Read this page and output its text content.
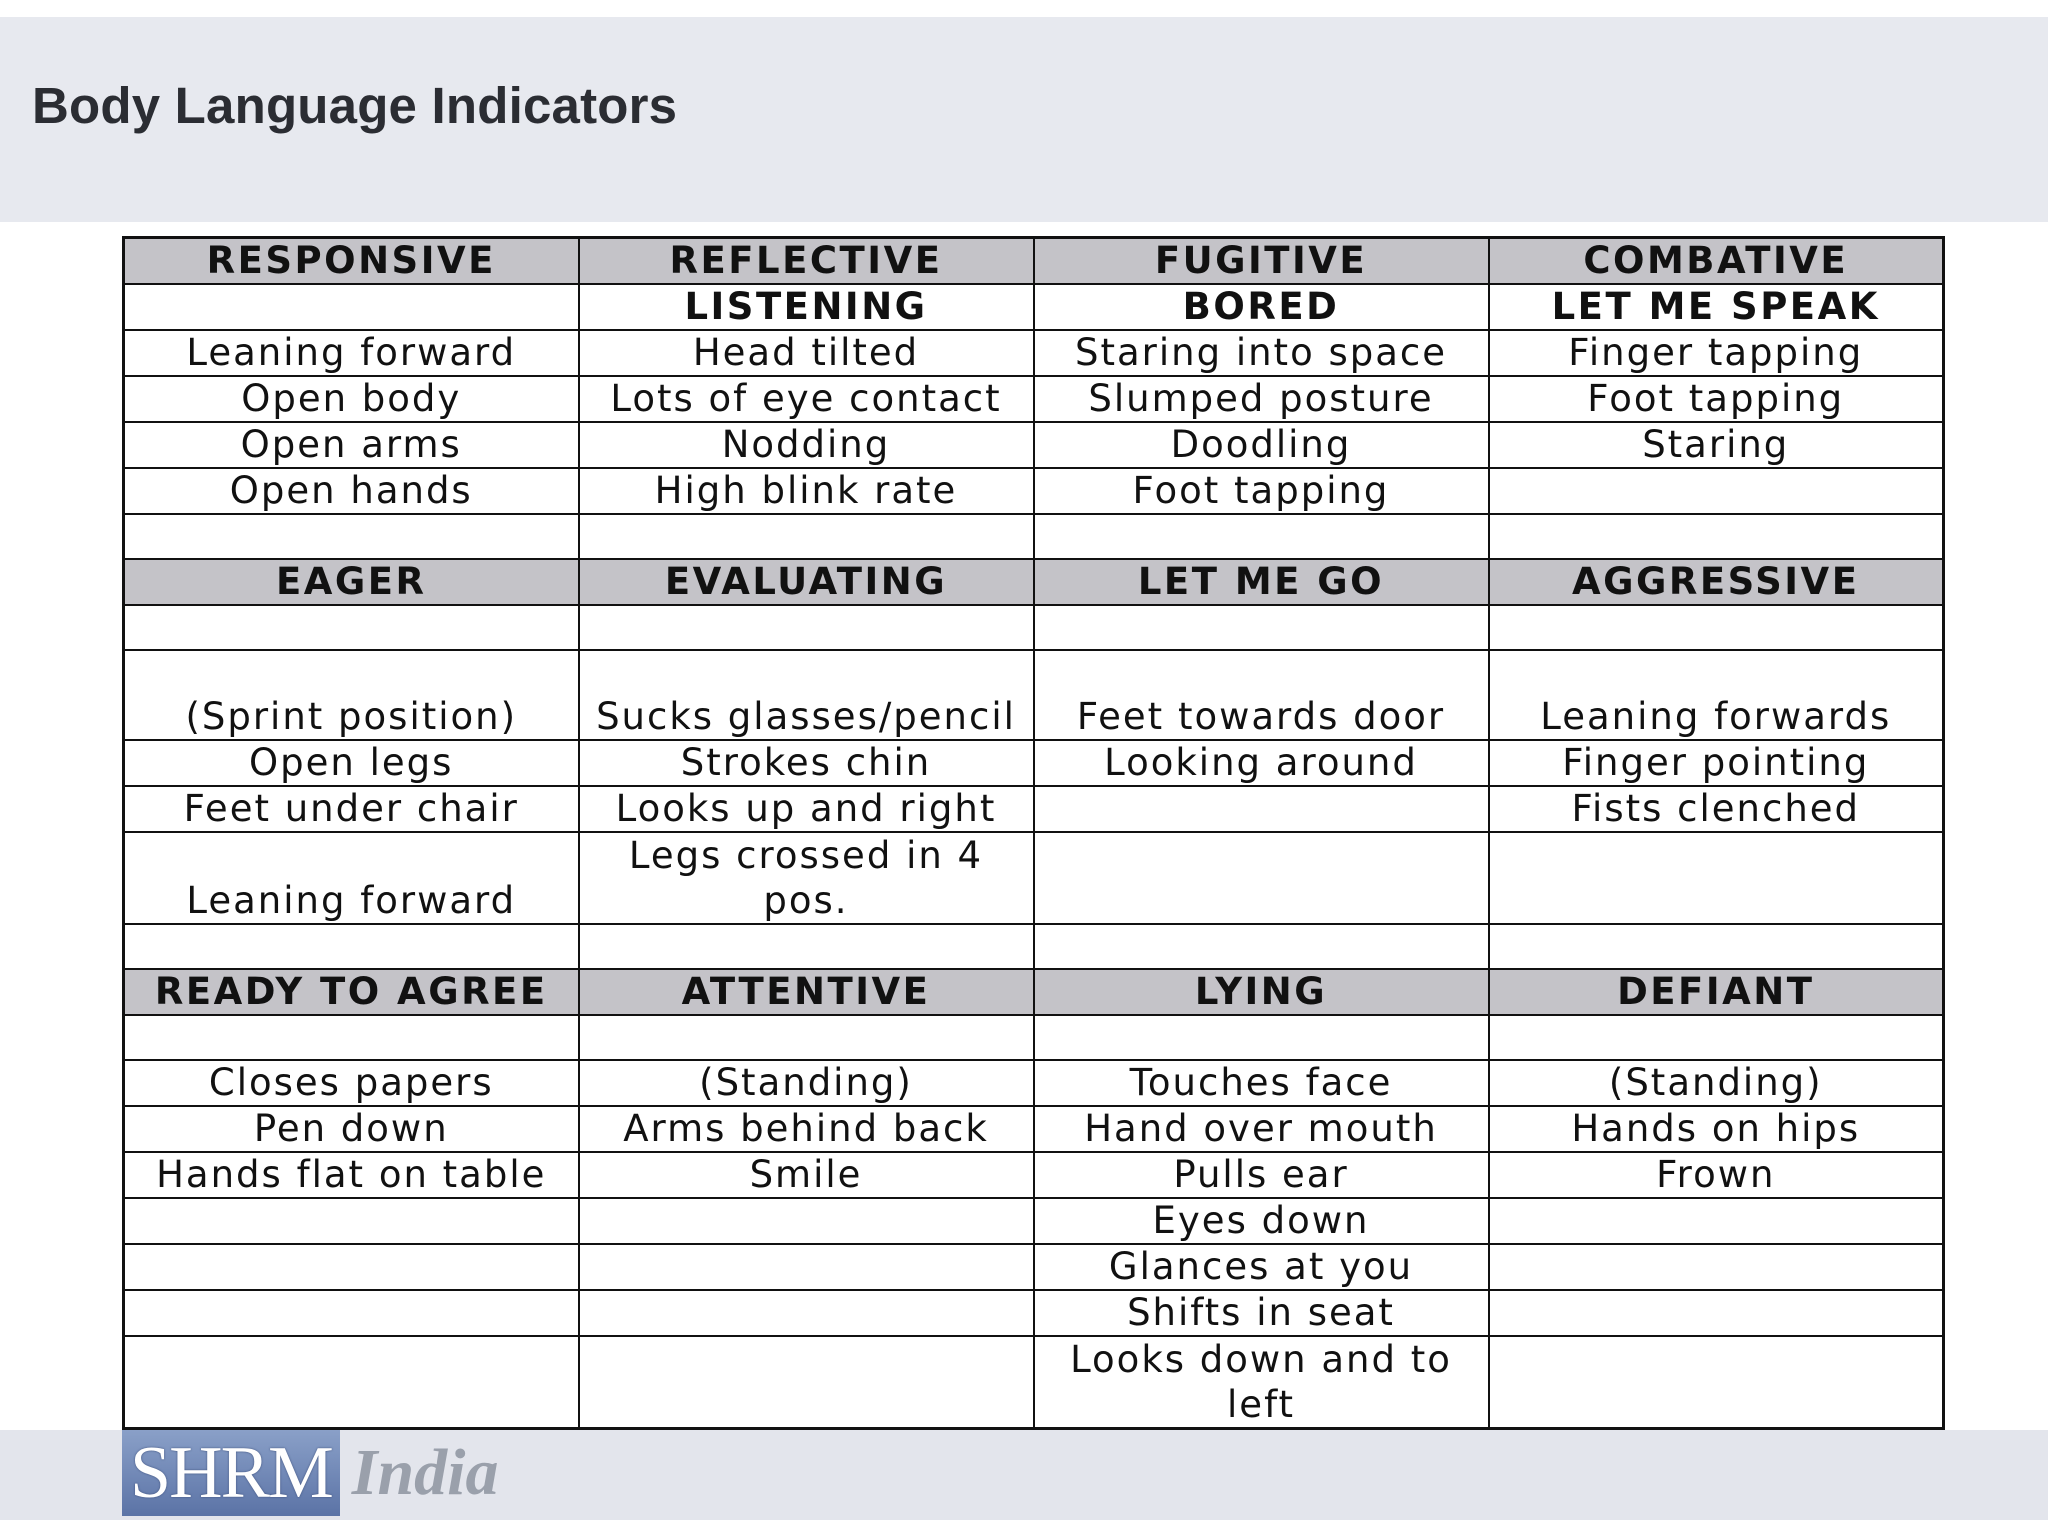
Body Language Indicators
RESPONSIVE	REFLECTIVE	FUGITIVE	COMBATIVE
	LISTENING	BORED	LET ME SPEAK
Leaning forward	Head tilted	Staring into space	Finger tapping
Open body	Lots of eye contact	Slumped posture	Foot tapping
Open arms	Nodding	Doodling	Staring
Open hands	High blink rate	Foot tapping	

EAGER	EVALUATING	LET ME GO	AGGRESSIVE

(Sprint position)	Sucks glasses/pencil	Feet towards door	Leaning forwards
Open legs	Strokes chin	Looking around	Finger pointing
Feet under chair	Looks up and right		Fists clenched
Leaning forward	Legs crossed in 4 pos.		

READY TO AGREE	ATTENTIVE	LYING	DEFIANT

Closes papers	(Standing)	Touches face	(Standing)
Pen down	Arms behind back	Hand over mouth	Hands on hips
Hands flat on table	Smile	Pulls ear	Frown
		Eyes down	
		Glances at you	
		Shifts in seat	
		Looks down and to left	
SHRM India
